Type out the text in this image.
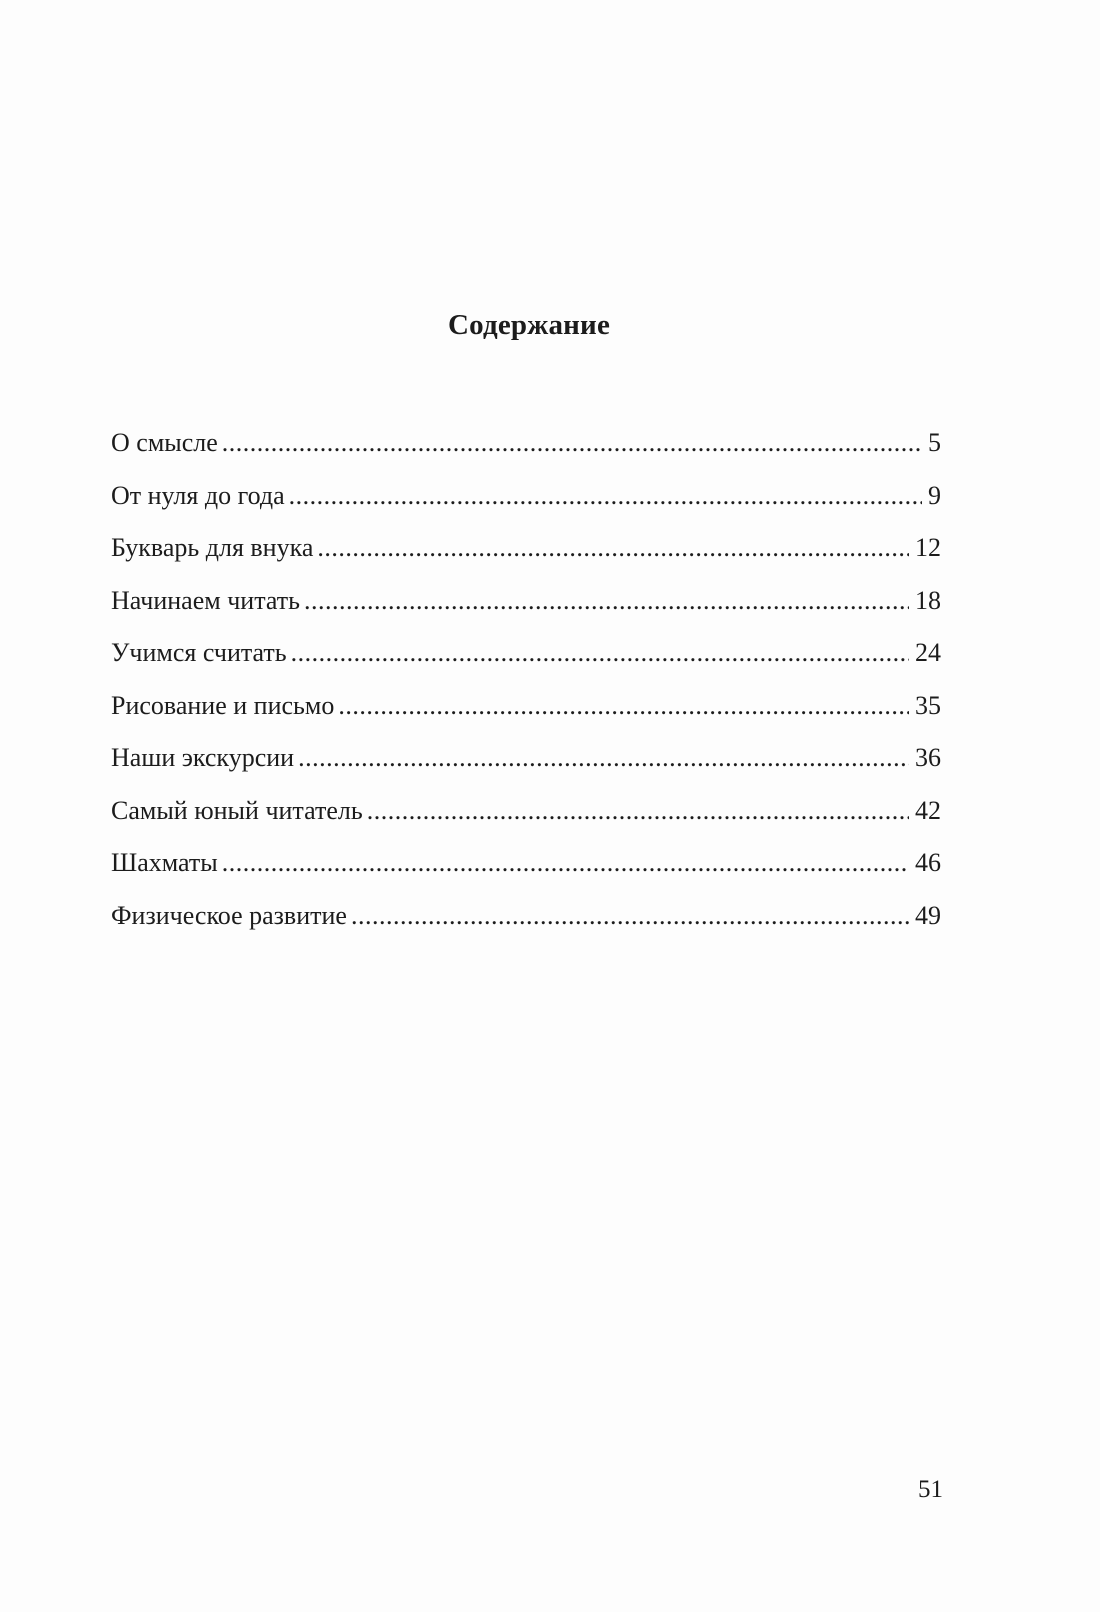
Содержание
О смысле .....	5
От нуля до года .....	9
Букварь для внука .....	12
Начинаем читать .....	18
Учимся считать .....	24
Рисование и письмо .....	35
Наши экскурсии .....	36
Самый юный читатель .....	42
Шахматы .....	46
Физическое развитие .....	49
51
